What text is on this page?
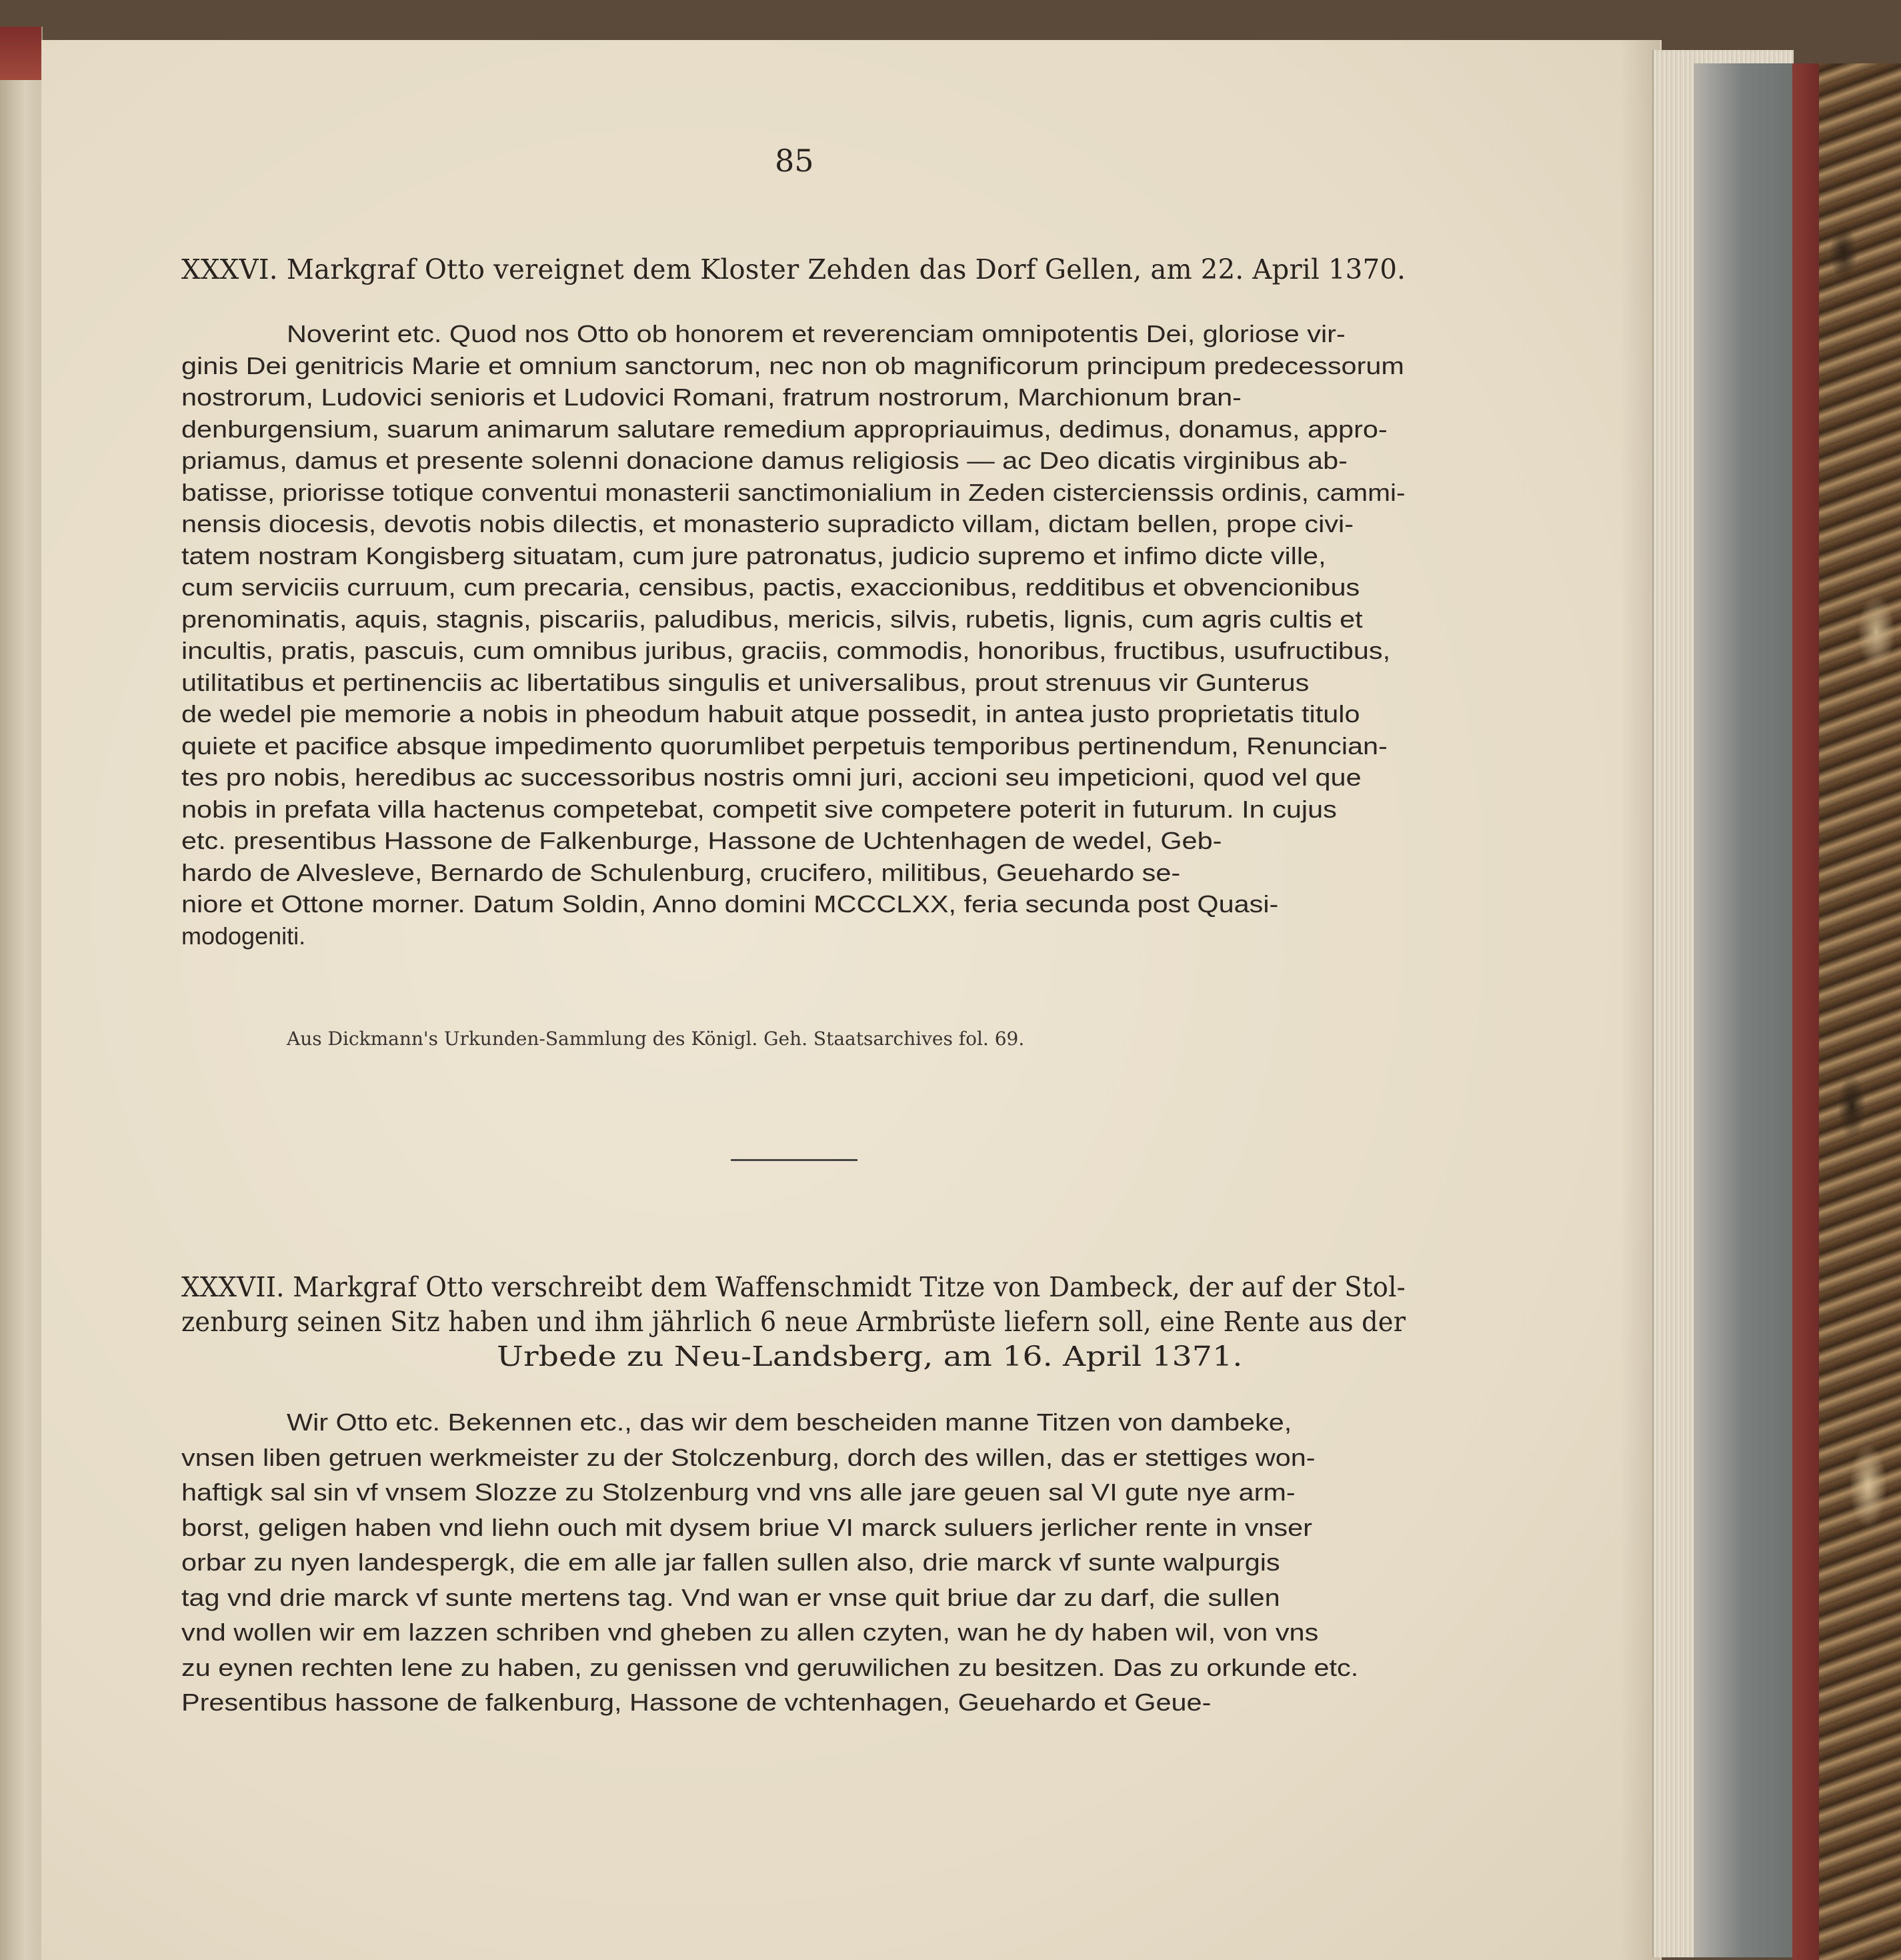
85
XXXVI. Markgraf Otto vereignet dem Kloster Zehden das Dorf Gellen, am 22. April 1370.
Noverint etc. Quod nos Otto ob honorem et reverenciam omnipotentis Dei, gloriose vir-
ginis Dei genitricis Marie et omnium sanctorum, nec non ob magnificorum principum predecessorum
nostrorum, Ludovici senioris et Ludovici Romani, fratrum nostrorum, Marchionum bran-
denburgensium, suarum animarum salutare remedium appropriauimus, dedimus, donamus, appro-
priamus, damus et presente solenni donacione damus religiosis — ac Deo dicatis virginibus ab-
batisse, priorisse totique conventui monasterii sanctimonialium in Zeden cistercienssis ordinis, cammi-
nensis diocesis, devotis nobis dilectis, et monasterio supradicto villam, dictam bellen, prope civi-
tatem nostram Kongisberg situatam, cum jure patronatus, judicio supremo et infimo dicte ville,
cum serviciis curruum, cum precaria, censibus, pactis, exaccionibus, redditibus et obvencionibus
prenominatis, aquis, stagnis, piscariis, paludibus, mericis, silvis, rubetis, lignis, cum agris cultis et
incultis, pratis, pascuis, cum omnibus juribus, graciis, commodis, honoribus, fructibus, usufructibus,
utilitatibus et pertinenciis ac libertatibus singulis et universalibus, prout strenuus vir Gunterus
de wedel pie memorie a nobis in pheodum habuit atque possedit, in antea justo proprietatis titulo
quiete et pacifice absque impedimento quorumlibet perpetuis temporibus pertinendum, Renuncian-
tes pro nobis, heredibus ac successoribus nostris omni juri, accioni seu impeticioni, quod vel que
nobis in prefata villa hactenus competebat, competit sive competere poterit in futurum. In cujus
etc. presentibus Hassone de Falkenburge, Hassone de Uchtenhagen de wedel, Geb-
hardo de Alvesleve, Bernardo de Schulenburg, crucifero, militibus, Geuehardo se-
niore et Ottone morner. Datum Soldin, Anno domini MCCCLXX, feria secunda post Quasi-
modogeniti.
Aus Dickmann's Urkunden-Sammlung des Königl. Geh. Staatsarchives fol. 69.
XXXVII. Markgraf Otto verschreibt dem Waffenschmidt Titze von Dambeck, der auf der Stol-
zenburg seinen Sitz haben und ihm jährlich 6 neue Armbrüste liefern soll, eine Rente aus der
Urbede zu Neu-Landsberg, am 16. April 1371.
Wir Otto etc. Bekennen etc., das wir dem bescheiden manne Titzen von dambeke,
vnsen liben getruen werkmeister zu der Stolczenburg, dorch des willen, das er stettiges won-
haftigk sal sin vf vnsem Slozze zu Stolzenburg vnd vns alle jare geuen sal VI gute nye arm-
borst, geligen haben vnd liehn ouch mit dysem briue VI marck suluers jerlicher rente in vnser
orbar zu nyen landespergk, die em alle jar fallen sullen also, drie marck vf sunte walpurgis
tag vnd drie marck vf sunte mertens tag. Vnd wan er vnse quit briue dar zu darf, die sullen
vnd wollen wir em lazzen schriben vnd gheben zu allen czyten, wan he dy haben wil, von vns
zu eynen rechten lene zu haben, zu genissen vnd geruwilichen zu besitzen. Das zu orkunde etc.
Presentibus hassone de falkenburg, Hassone de vchtenhagen, Geuehardo et Geue-
